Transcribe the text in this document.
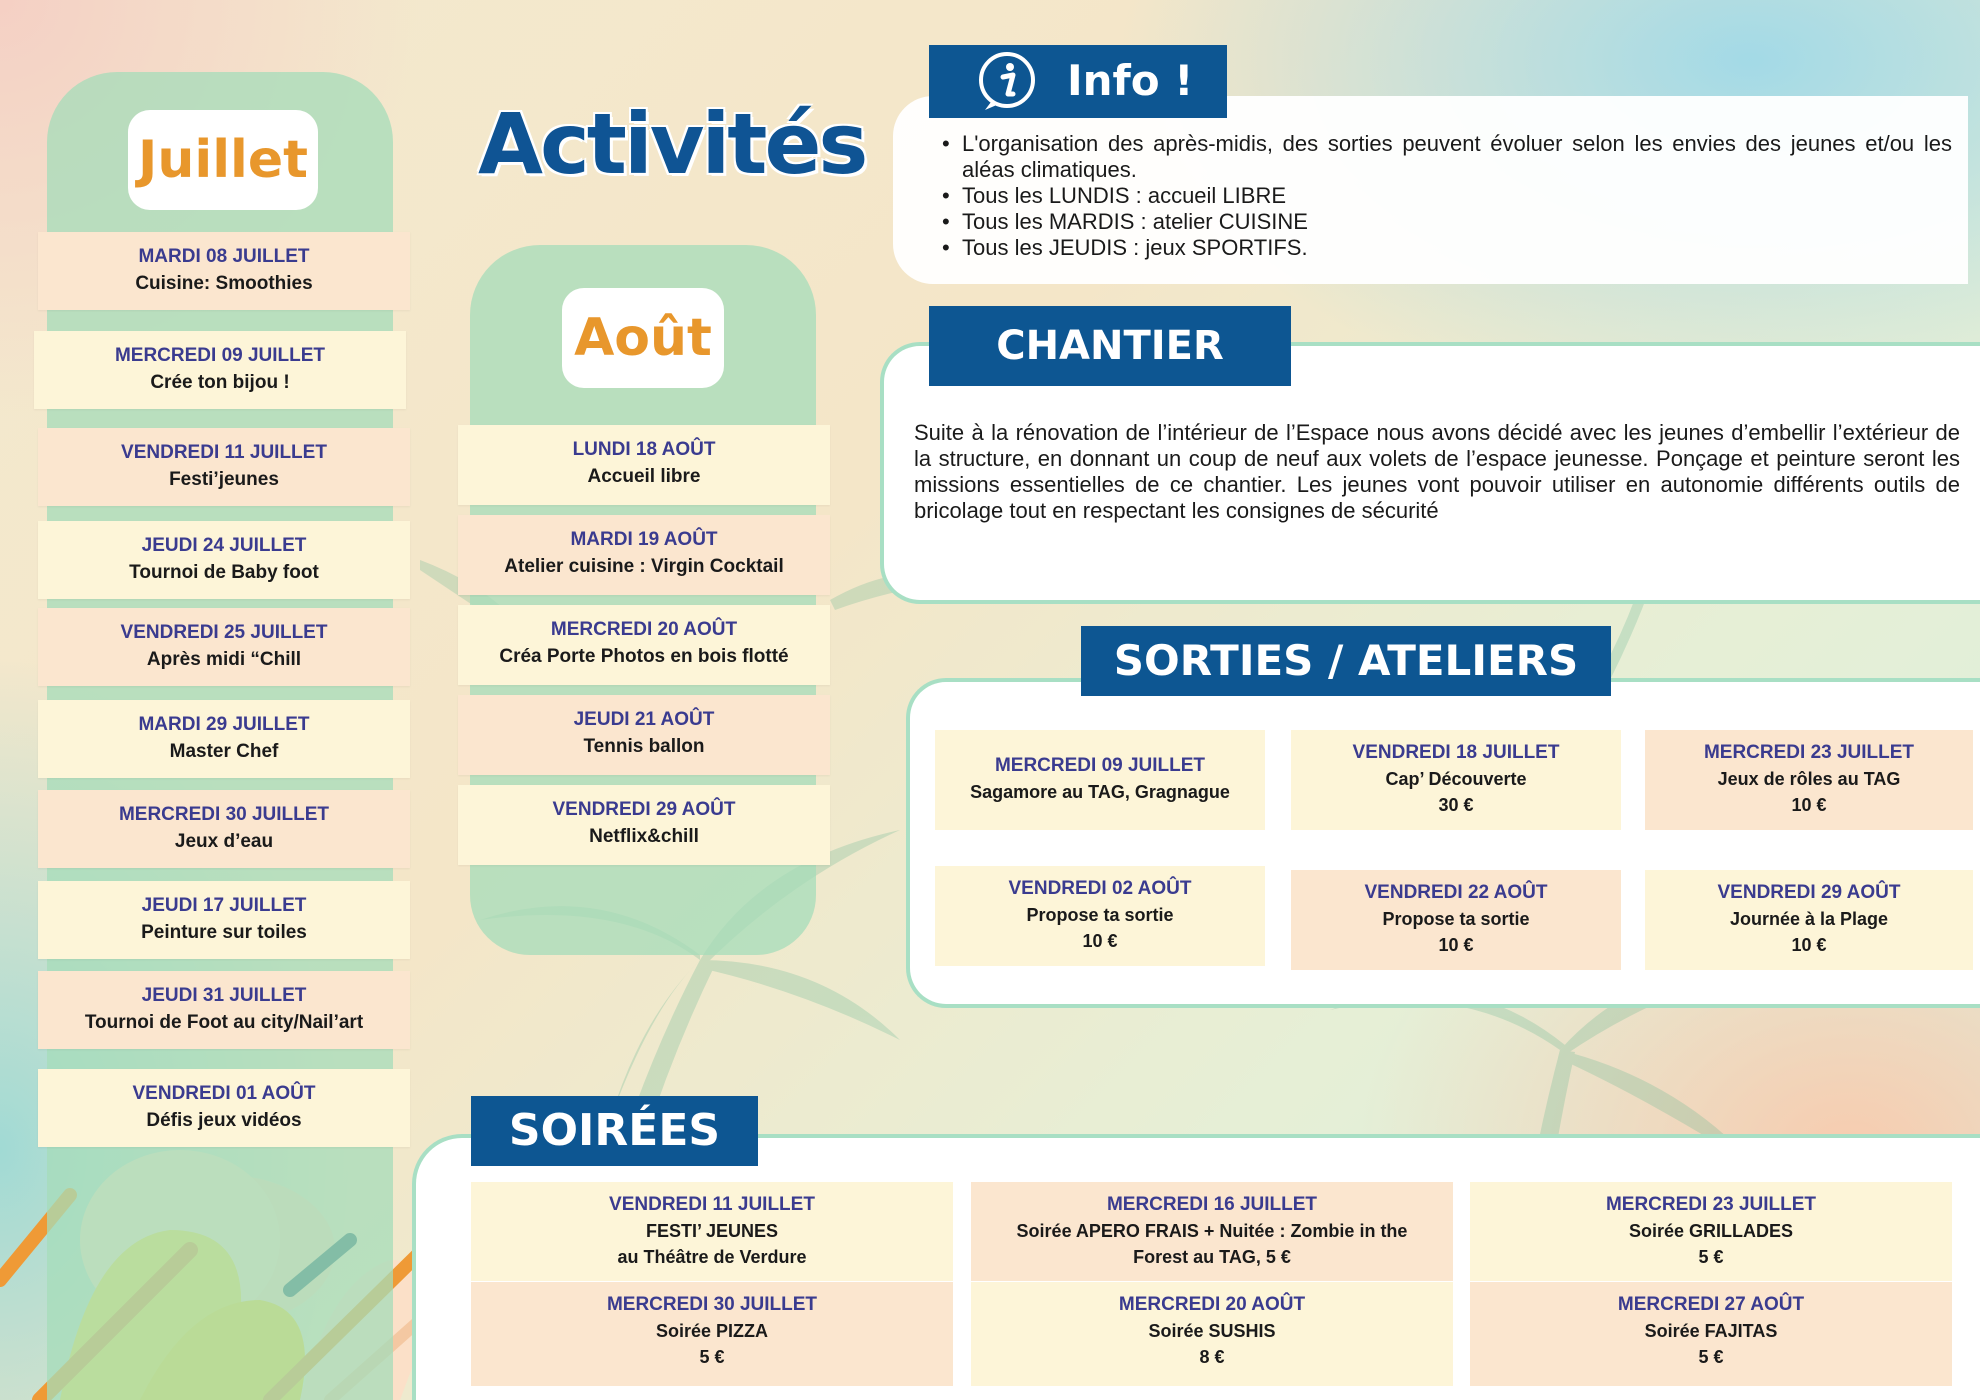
Juillet
MARDI 08 JUILLET
Cuisine: Smoothies
MERCREDI 09 JUILLET
Crée ton bijou !
VENDREDI 11 JUILLET
Festi’jeunes
JEUDI 24 JUILLET
Tournoi de Baby foot
VENDREDI 25 JUILLET
Après midi “Chill
MARDI 29 JUILLET
Master Chef
MERCREDI 30 JUILLET
Jeux d’eau
JEUDI 17 JUILLET
Peinture sur toiles
JEUDI 31 JUILLET
Tournoi de Foot au city/Nail’art
VENDREDI 01 AOÛT
Défis jeux vidéos
Activités
Août
LUNDI 18 AOÛT
Accueil libre
MARDI 19 AOÛT
Atelier cuisine : Virgin Cocktail
MERCREDI 20 AOÛT
Créa Porte Photos en bois flotté
JEUDI 21 AOÛT
Tennis ballon
VENDREDI 29 AOÛT
Netflix&chill
Info !
• L'organisation des après-midis, des sorties peuvent évoluer selon les envies des jeunes et/ou les aléas climatiques.
• Tous les LUNDIS : accueil LIBRE
• Tous les MARDIS : atelier CUISINE
• Tous les JEUDIS : jeux SPORTIFS.
CHANTIER
Suite à la rénovation de l’intérieur de l’Espace nous avons décidé avec les jeunes d’embellir l’extérieur de la structure, en donnant un coup de neuf aux volets de l’espace jeunesse. Ponçage et peinture seront les missions essentielles de ce chantier. Les jeunes vont pouvoir utiliser en autonomie différents outils de bricolage tout en respectant les consignes de sécurité
SORTIES / ATELIERS
MERCREDI 09 JUILLET
Sagamore au TAG, Gragnague
VENDREDI 18 JUILLET
Cap’ Découverte
30 €
MERCREDI 23 JUILLET
Jeux de rôles au TAG
10 €
VENDREDI 02 AOÛT
Propose ta sortie
10 €
VENDREDI 22 AOÛT
Propose ta sortie
10 €
VENDREDI 29 AOÛT
Journée à la Plage
10 €
SOIRÉES
VENDREDI 11 JUILLET
FESTI’ JEUNES
au Théâtre de Verdure
MERCREDI 16 JUILLET
Soirée APERO FRAIS + Nuitée : Zombie in the
Forest au TAG, 5 €
MERCREDI 23 JUILLET
Soirée GRILLADES
5 €
MERCREDI 30 JUILLET
Soirée PIZZA
5 €
MERCREDI 20 AOÛT
Soirée SUSHIS
8 €
MERCREDI 27 AOÛT
Soirée FAJITAS
5 €
